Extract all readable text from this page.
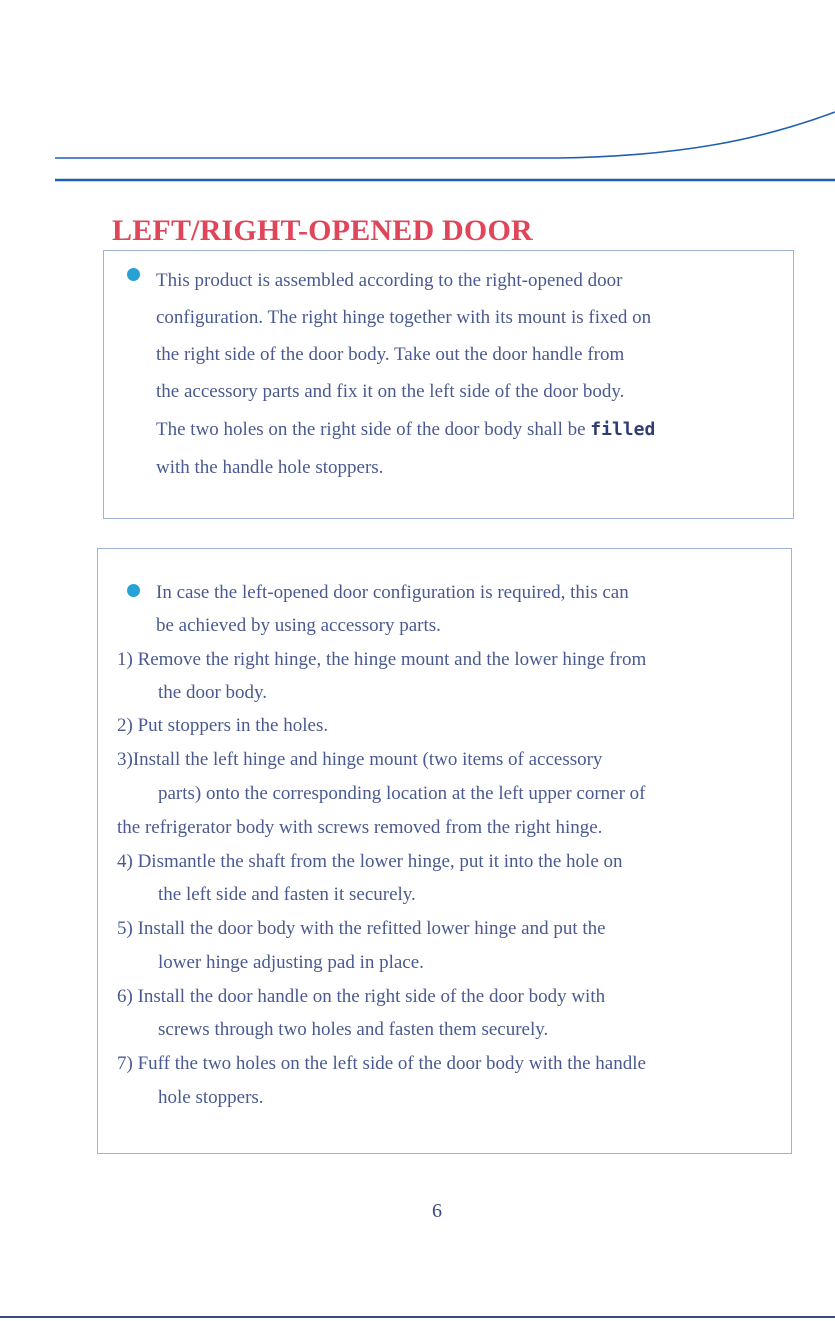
LEFT/RIGHT-OPENED DOOR
This product is assembled according to the right-opened door
configuration. The right hinge together with its mount is fixed on
the right side of the door body. Take out the door handle from
the accessory parts and fix it on the left side of the door body.
The two holes on the right side of the door body shall be filled
with the handle hole stoppers.
In case the left-opened door configuration is required, this can
be achieved by using accessory parts.
1) Remove the right hinge, the hinge mount and the lower hinge from
the door body.
2) Put stoppers in the holes.
3)Install the left hinge and hinge mount (two items of accessory
parts) onto the corresponding location at the left upper corner of
the refrigerator body with screws removed from the right hinge.
4) Dismantle the shaft from the lower hinge, put it into the hole on
the left side and fasten it securely.
5) Install the door body with the refitted lower hinge and put the
lower hinge adjusting pad in place.
6) Install the door handle on the right side of the door body with
screws through two holes and fasten them securely.
7) Fuff the two holes on the left side of the door body with the handle
hole stoppers.
6
